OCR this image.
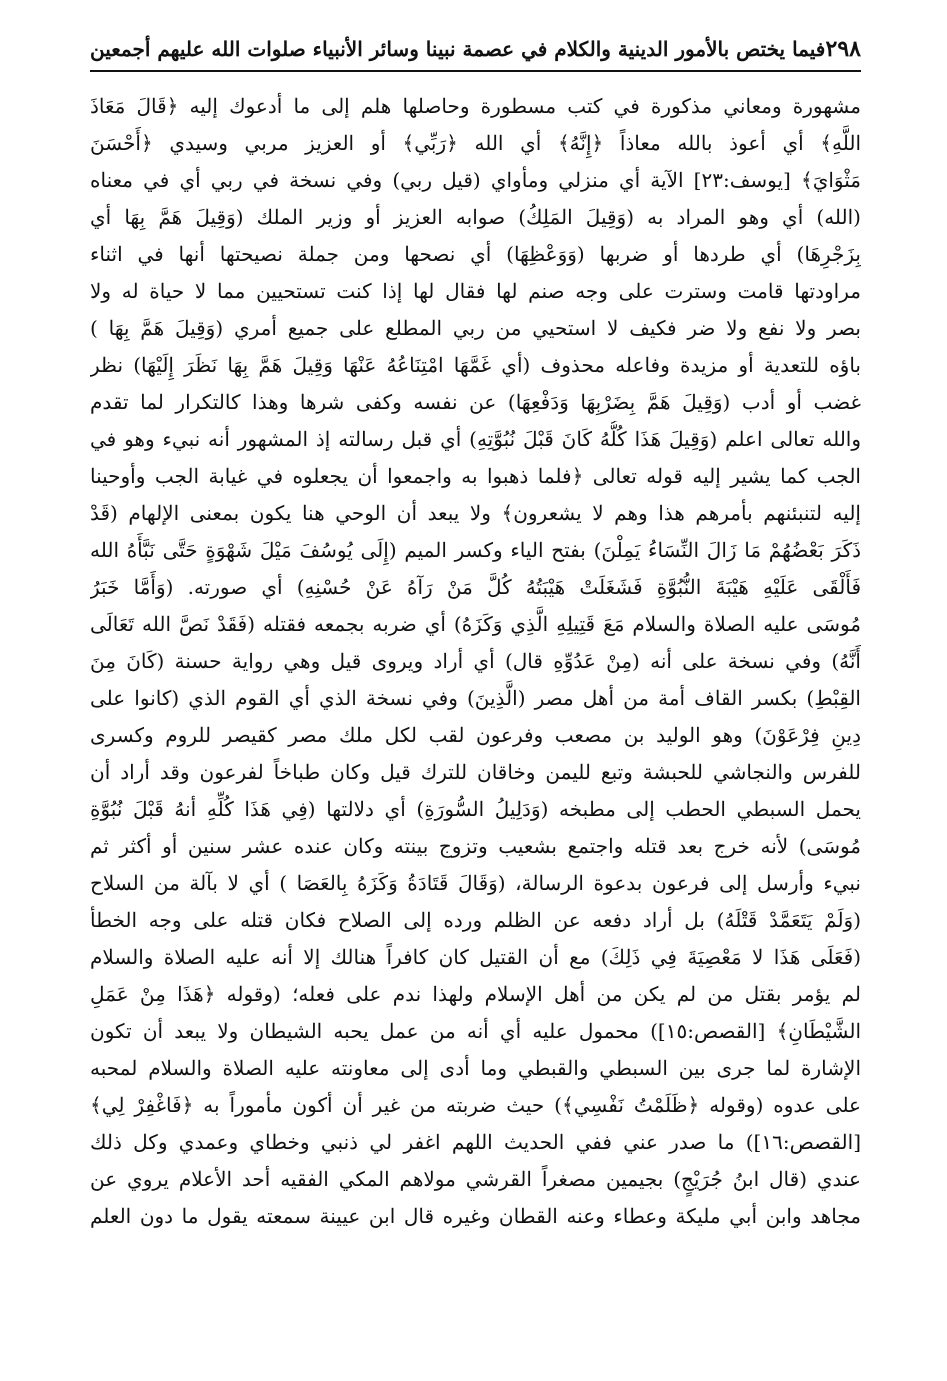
٢٩٨
فيما يختص بالأمور الدينية والكلام في عصمة نبينا وسائر الأنبياء صلوات الله عليهم أجمعين
مشهورة ومعاني مذكورة في كتب مسطورة وحاصلها هلم إلى ما أدعوك إليه ﴿قَالَ مَعَاذَ
اللَّهِ﴾ أي أعوذ بالله معاذاً ﴿إِنَّهُ﴾ أي الله ﴿رَبِّي﴾ أو العزيز مربي وسيدي ﴿أَحْسَنَ
مَثْوَايَ﴾ [يوسف:٢٣] الآية أي منزلي ومأواي (قيل ربي) وفي نسخة في ربي أي في معناه
(الله) أي وهو المراد به (وَقِيلَ المَلِكُ) صوابه العزيز أو وزير الملك (وَقِيلَ هَمَّ بِهَا أي
بِزَجْرِهَا) أي طردها أو ضربها (وَوَعْظِهَا) أي نصحها ومن جملة نصيحتها أنها في اثناء
مراودتها قامت وسترت على وجه صنم لها فقال لها إذا كنت تستحيين مما لا حياة له ولا
بصر ولا نفع ولا ضر فكيف لا استحيي من ربي المطلع على جميع أمري (وَقِيلَ هَمَّ بِهَا )
باؤه للتعدية أو مزيدة وفاعله محذوف (أي غَمَّهَا امْتِنَاعُهُ عَنْهَا وَقِيلَ هَمَّ بِهَا نَظَرَ إِلَيْهَا) نظر
غضب أو أدب (وَقِيلَ هَمَّ بِضَرْبِهَا وَدَفْعِهَا) عن نفسه وكفى شرها وهذا كالتكرار لما تقدم
والله تعالى اعلم (وَقِيلَ هَذَا كُلُّهُ كَانَ قَبْلَ نُبُوَّتِهِ) أي قبل رسالته إذ المشهور أنه نبيء وهو في
الجب كما يشير إليه قوله تعالى ﴿فلما ذهبوا به واجمعوا أن يجعلوه في غيابة الجب وأوحينا
إليه لتنبئنهم بأمرهم هذا وهم لا يشعرون﴾ ولا يبعد أن الوحي هنا يكون بمعنى الإلهام (قَدْ
ذَكَرَ بَعْضُهُمْ مَا زَالَ النِّسَاءُ يَمِلْنَ) بفتح الياء وكسر الميم (إِلَى يُوسُفَ مَيْلَ شَهْوَةٍ حَتَّى نَبَّأَهُ الله
فَأَلْقَى عَلَيْهِ هَيْبَةَ النُّبُوَّةِ فَشَغَلَتْ هَيْبَتُهُ كُلَّ مَنْ رَآهُ عَنْ حُسْنِهِ) أي صورته. (وَأَمَّا خَبَرُ
مُوسَى عليه الصلاة والسلام مَعَ قَتِيلِهِ الَّذِي وَكَزَهُ) أي ضربه بجمعه فقتله (فَقَدْ نَصَّ الله تَعَالَى
أَنَّهُ) وفي نسخة على أنه (مِنْ عَدُوِّهِ قال) أي أراد ويروى قيل وهي رواية حسنة (كَانَ مِنَ
القِبْطِ) بكسر القاف أمة من أهل مصر (الَّذِينَ) وفي نسخة الذي أي القوم الذي (كانوا على
دِينِ فِرْعَوْنَ) وهو الوليد بن مصعب وفرعون لقب لكل ملك مصر كقيصر للروم وكسرى
للفرس والنجاشي للحبشة وتبع لليمن وخاقان للترك قيل وكان طباخاً لفرعون وقد أراد أن
يحمل السبطي الحطب إلى مطبخه (وَدَلِيلُ السُّورَةِ) أي دلالتها (فِي هَذَا كُلِّهِ أنهُ قَبْلَ نُبُوَّةِ
مُوسَى) لأنه خرج بعد قتله واجتمع بشعيب وتزوج بينته وكان عنده عشر سنين أو أكثر ثم
نبيء وأرسل إلى فرعون بدعوة الرسالة، (وَقَالَ قَتَادَةُ وَكَزَهُ بِالعَصَا ) أي لا بآلة من السلاح
(وَلَمْ يَتَعَمَّدْ قَتْلَهُ) بل أراد دفعه عن الظلم ورده إلى الصلاح فكان قتله على وجه الخطأ
(فَعَلَى هَذَا لا مَعْصِيَةَ فِي ذَلِكَ) مع أن القتيل كان كافراً هنالك إلا أنه عليه الصلاة والسلام
لم يؤمر بقتل من لم يكن من أهل الإسلام ولهذا ندم على فعله؛ (وقوله ﴿هَذَا مِنْ عَمَلِ
الشَّيْطَانِ﴾ [القصص:١٥]) محمول عليه أي أنه من عمل يحبه الشيطان ولا يبعد أن تكون
الإشارة لما جرى بين السبطي والقبطي وما أدى إلى معاونته عليه الصلاة والسلام لمحبه
على عدوه (وقوله ﴿ظَلَمْتُ نَفْسِي﴾) حيث ضربته من غير أن أكون مأموراً به ﴿فَاغْفِرْ لِي﴾
[القصص:١٦]) ما صدر عني ففي الحديث اللهم اغفر لي ذنبي وخطاي وعمدي وكل ذلك
عندي (قال ابنُ جُرَيْجٍ) بجيمين مصغراً القرشي مولاهم المكي الفقيه أحد الأعلام يروي عن
مجاهد وابن أبي مليكة وعطاء وعنه القطان وغيره قال ابن عيينة سمعته يقول ما دون العلم
